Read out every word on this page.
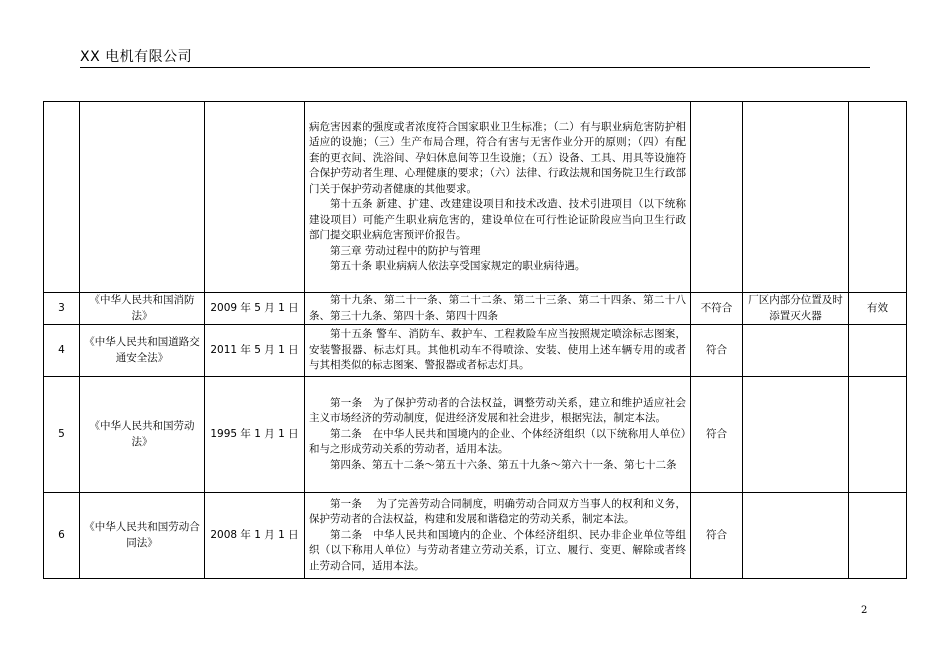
XX 电机有限公司

			病危害因素的强度或者浓度符合国家职业卫生标准；（二）有与职业病危害防护相适应的设施；（三）生产布局合理，符合有害与无害作业分开的原则；（四）有配套的更衣间、洗浴间、孕妇休息间等卫生设施；（五）设备、工具、用具等设施符合保护劳动者生理、心理健康的要求；（六）法律、行政法规和国务院卫生行政部门关于保护劳动者健康的其他要求。

第十五条 新建、扩建、改建建设项目和技术改造、技术引进项目（以下统称建设项目）可能产生职业病危害的，建设单位在可行性论证阶段应当向卫生行政部门提交职业病危害预评价报告。

第三章 劳动过程中的防护与管理

第五十条 职业病病人依法享受国家规定的职业病待遇。			

3	《中华人民共和国消防法》	2009 年 5 月 1 日	第十九条、第二十一条、第二十二条、第二十三条、第二十四条、第二十八条、第三十九条、第四十条、第四十四条	不符合	厂区内部分位置及时添置灭火器	有效
4	《中华人民共和国道路交通安全法》	2011 年 5 月 1 日	第十五条 警车、消防车、救护车、工程救险车应当按照规定喷涂标志图案，安装警报器、标志灯具。其他机动车不得喷涂、安装、使用上述车辆专用的或者与其相类似的标志图案、警报器或者标志灯具。	符合		
5	《中华人民共和国劳动法》	1995 年 1 月 1 日	第一条　为了保护劳动者的合法权益，调整劳动关系，建立和维护适应社会主义市场经济的劳动制度，促进经济发展和社会进步，根据宪法，制定本法。

第二条　在中华人民共和国境内的企业、个体经济组织（以下统称用人单位）和与之形成劳动关系的劳动者，适用本法。

第四条、第五十二条～第五十六条、第五十九条～第六十一条、第七十二条	符合		
6	《中华人民共和国劳动合同法》	2008 年 1 月 1 日	第一条　 为了完善劳动合同制度，明确劳动合同双方当事人的权利和义务，保护劳动者的合法权益，构建和发展和谐稳定的劳动关系，制定本法。

第二条　中华人民共和国境内的企业、个体经济组织、民办非企业单位等组织（以下称用人单位）与劳动者建立劳动关系，订立、履行、变更、解除或者终止劳动合同，适用本法。	符合		
2
